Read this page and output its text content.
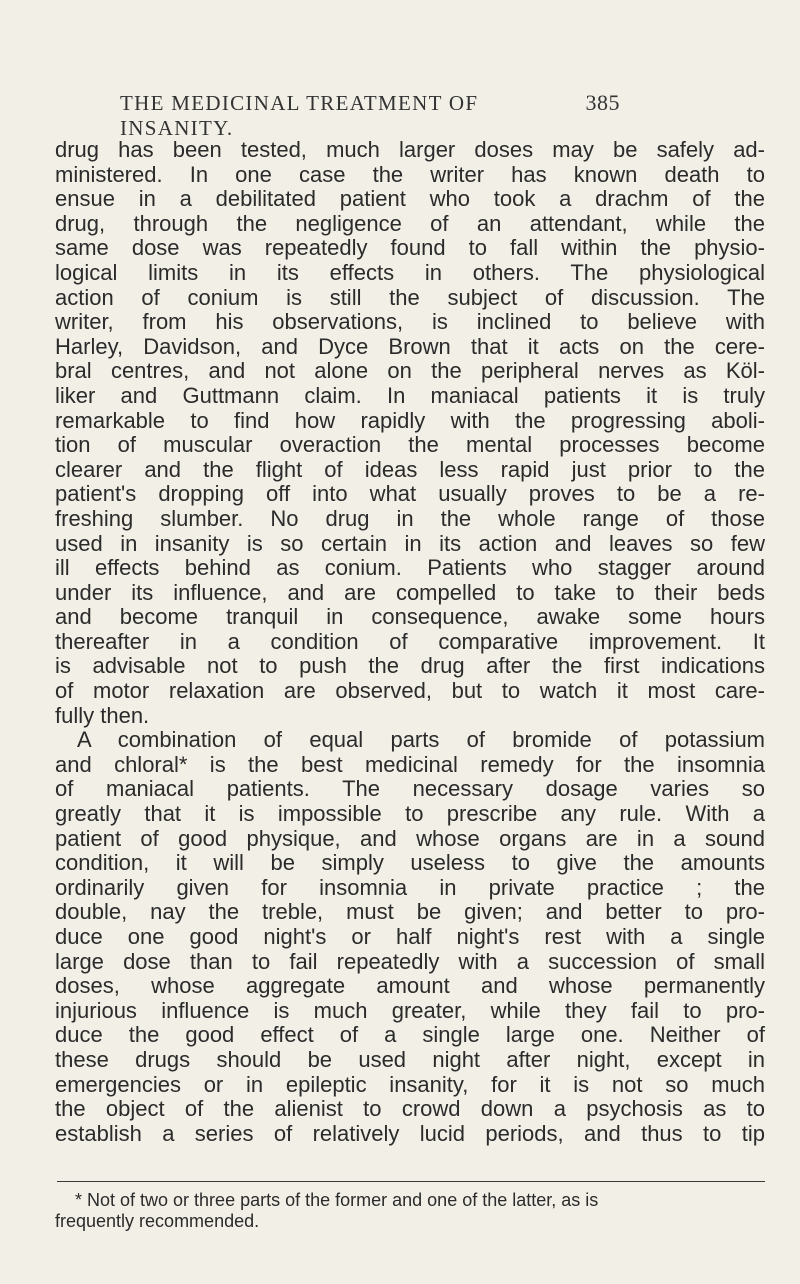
THE MEDICINAL TREATMENT OF INSANITY.
385
drug has been tested, much larger doses may be safely ad-
ministered. In one case the writer has known death to
ensue in a debilitated patient who took a drachm of the
drug, through the negligence of an attendant, while the
same dose was repeatedly found to fall within the physio-
logical limits in its effects in others. The physiological
action of conium is still the subject of discussion. The
writer, from his observations, is inclined to believe with
Harley, Davidson, and Dyce Brown that it acts on the cere-
bral centres, and not alone on the peripheral nerves as Köl-
liker and Guttmann claim. In maniacal patients it is truly
remarkable to find how rapidly with the progressing aboli-
tion of muscular overaction the mental processes become
clearer and the flight of ideas less rapid just prior to the
patient's dropping off into what usually proves to be a re-
freshing slumber. No drug in the whole range of those
used in insanity is so certain in its action and leaves so few
ill effects behind as conium. Patients who stagger around
under its influence, and are compelled to take to their beds
and become tranquil in consequence, awake some hours
thereafter in a condition of comparative improvement. It
is advisable not to push the drug after the first indications
of motor relaxation are observed, but to watch it most care-
fully then.
A combination of equal parts of bromide of potassium
and chloral* is the best medicinal remedy for the insomnia
of maniacal patients. The necessary dosage varies so
greatly that it is impossible to prescribe any rule. With a
patient of good physique, and whose organs are in a sound
condition, it will be simply useless to give the amounts
ordinarily given for insomnia in private practice ; the
double, nay the treble, must be given; and better to pro-
duce one good night's or half night's rest with a single
large dose than to fail repeatedly with a succession of small
doses, whose aggregate amount and whose permanently
injurious influence is much greater, while they fail to pro-
duce the good effect of a single large one. Neither of
these drugs should be used night after night, except in
emergencies or in epileptic insanity, for it is not so much
the object of the alienist to crowd down a psychosis as to
establish a series of relatively lucid periods, and thus to tip
* Not of two or three parts of the former and one of the latter, as is
frequently recommended.
